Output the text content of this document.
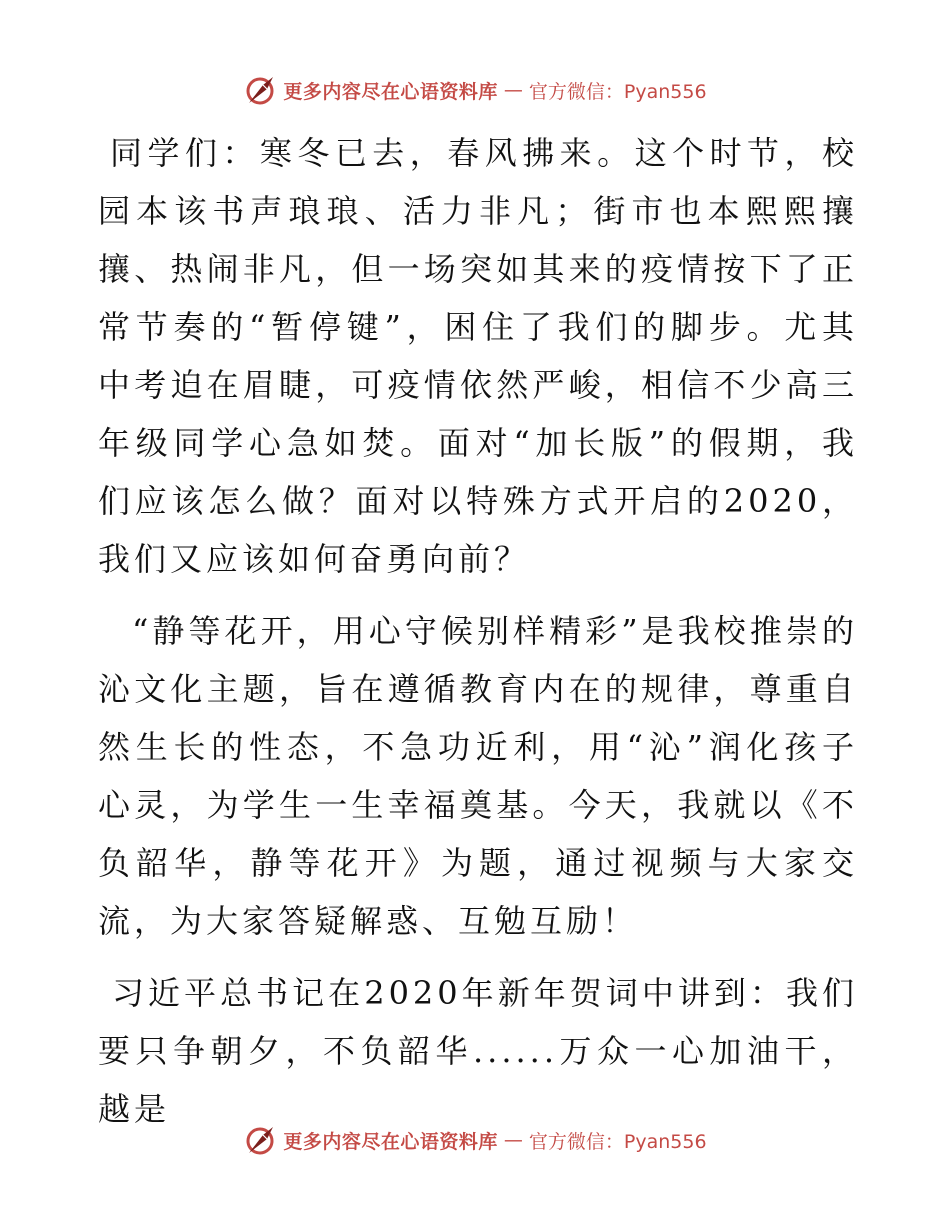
更多内容尽在心语资料库 — 官方微信：Pyan556

同学们：寒冬已去，春风拂来。这个时节，校园本该书声琅琅、活力非凡；街市也本熙熙攘攘、热闹非凡，但一场突如其来的疫情按下了正常节奏的“暂停键”，困住了我们的脚步。尤其中考迫在眉睫，可疫情依然严峻，相信不少高三年级同学心急如焚。面对“加长版”的假期，我们应该怎么做？面对以特殊方式开启的2020，我们又应该如何奋勇向前？

“静等花开，用心守候别样精彩”是我校推崇的沁文化主题，旨在遵循教育内在的规律，尊重自然生长的性态，不急功近利，用“沁”润化孩子心灵，为学生一生幸福奠基。今天，我就以《不负韶华，静等花开》为题，通过视频与大家交流，为大家答疑解惑、互勉互励！

习近平总书记在2020年新年贺词中讲到：我们要只争朝夕，不负韶华......万众一心加油干，越是

更多内容尽在心语资料库 — 官方微信：Pyan556
